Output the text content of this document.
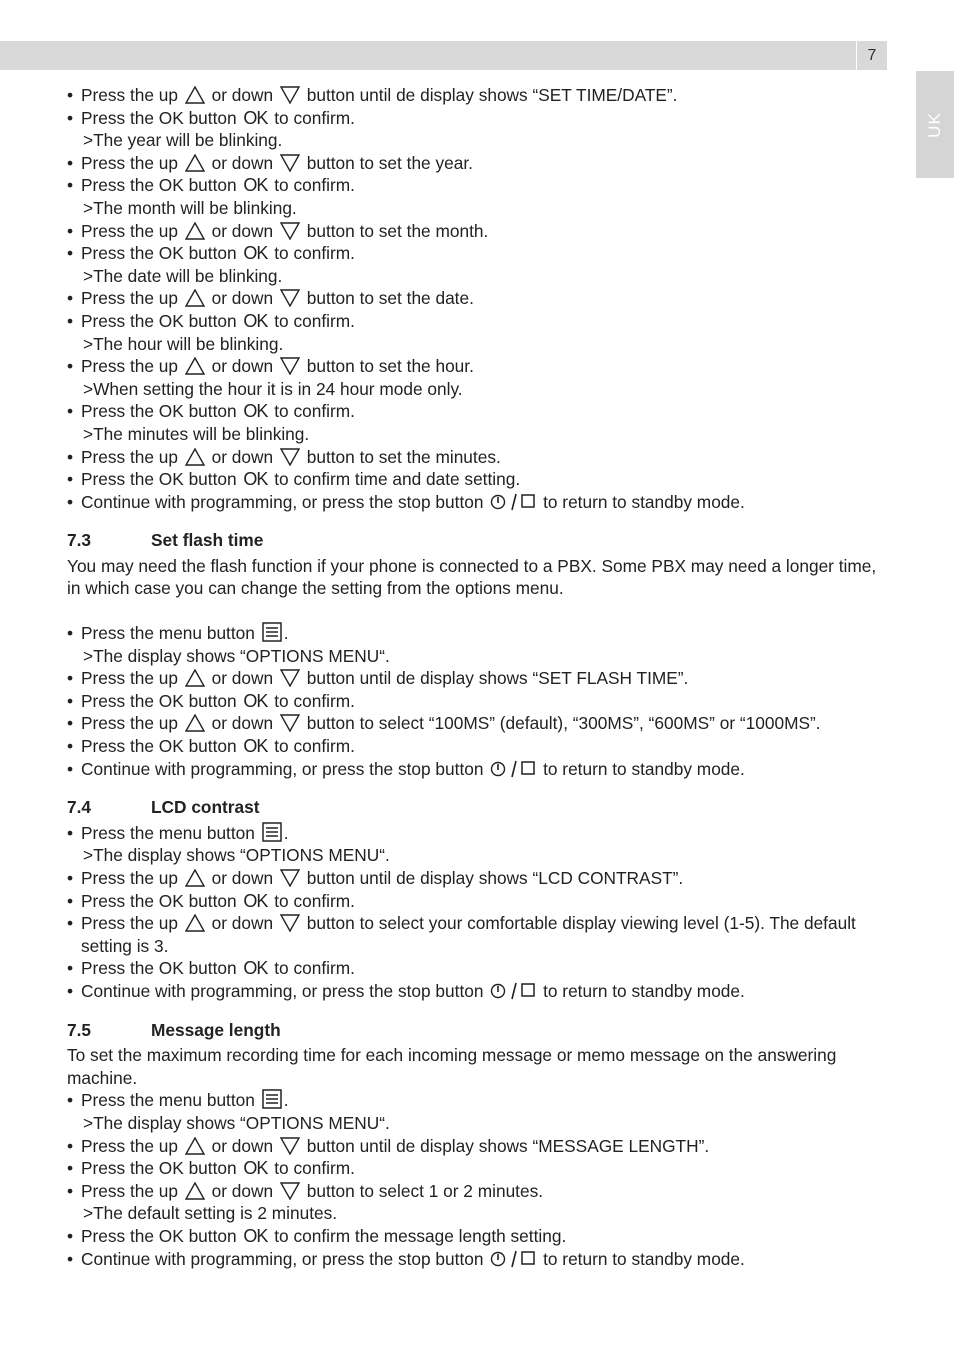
7
UK
• Press the up  or down  button until de display shows “SET TIME/DATE”.
• Press the OK button OK to confirm.
>The year will be blinking.
• Press the up  or down  button to set the year.
• Press the OK button OK to confirm.
>The month will be blinking.
• Press the up  or down  button to set the month.
• Press the OK button OK to confirm.
>The date will be blinking.
• Press the up  or down  button to set the date.
• Press the OK button OK to confirm.
>The hour will be blinking.
• Press the up  or down  button to set the hour.
>When setting the hour it is in 24 hour mode only.
• Press the OK button OK to confirm.
>The minutes will be blinking.
• Press the up  or down  button to set the minutes.
• Press the OK button OK to confirm time and date setting.
• Continue with programming, or press the stop button	to return to standby mode.
7.3	Set flash time
You may need the flash function if your phone is connected to a PBX. Some PBX may need a longer time, in which case you can change the setting from the options menu.
• Press the menu button .
>The display shows “OPTIONS MENU“.
• Press the up  or down  button until de display shows “SET FLASH TIME”.
• Press the OK button OK to confirm.
• Press the up  or down  button to select “100MS” (default), “300MS”, “600MS” or “1000MS”.
• Press the OK button OK to confirm.
• Continue with programming, or press the stop button	to return to standby mode.
7.4	LCD contrast
• Press the menu button .
>The display shows “OPTIONS MENU“.
• Press the up  or down  button until de display shows “LCD CONTRAST”.
• Press the OK button OK to confirm.
• Press the up  or down  button to select your comfortable display viewing level (1-5). The default setting is 3.
• Press the OK button OK to confirm.
• Continue with programming, or press the stop button	to return to standby mode.
7.5	Message length
To set the maximum recording time for each incoming message or memo message on the answering machine.
• Press the menu button .
>The display shows “OPTIONS MENU“.
• Press the up  or down  button until de display shows “MESSAGE LENGTH”.
• Press the OK button OK to confirm.
• Press the up  or down  button to select 1 or 2 minutes.
>The default setting is 2 minutes.
• Press the OK button OK to confirm the message length setting.
• Continue with programming, or press the stop button	to return to standby mode.
